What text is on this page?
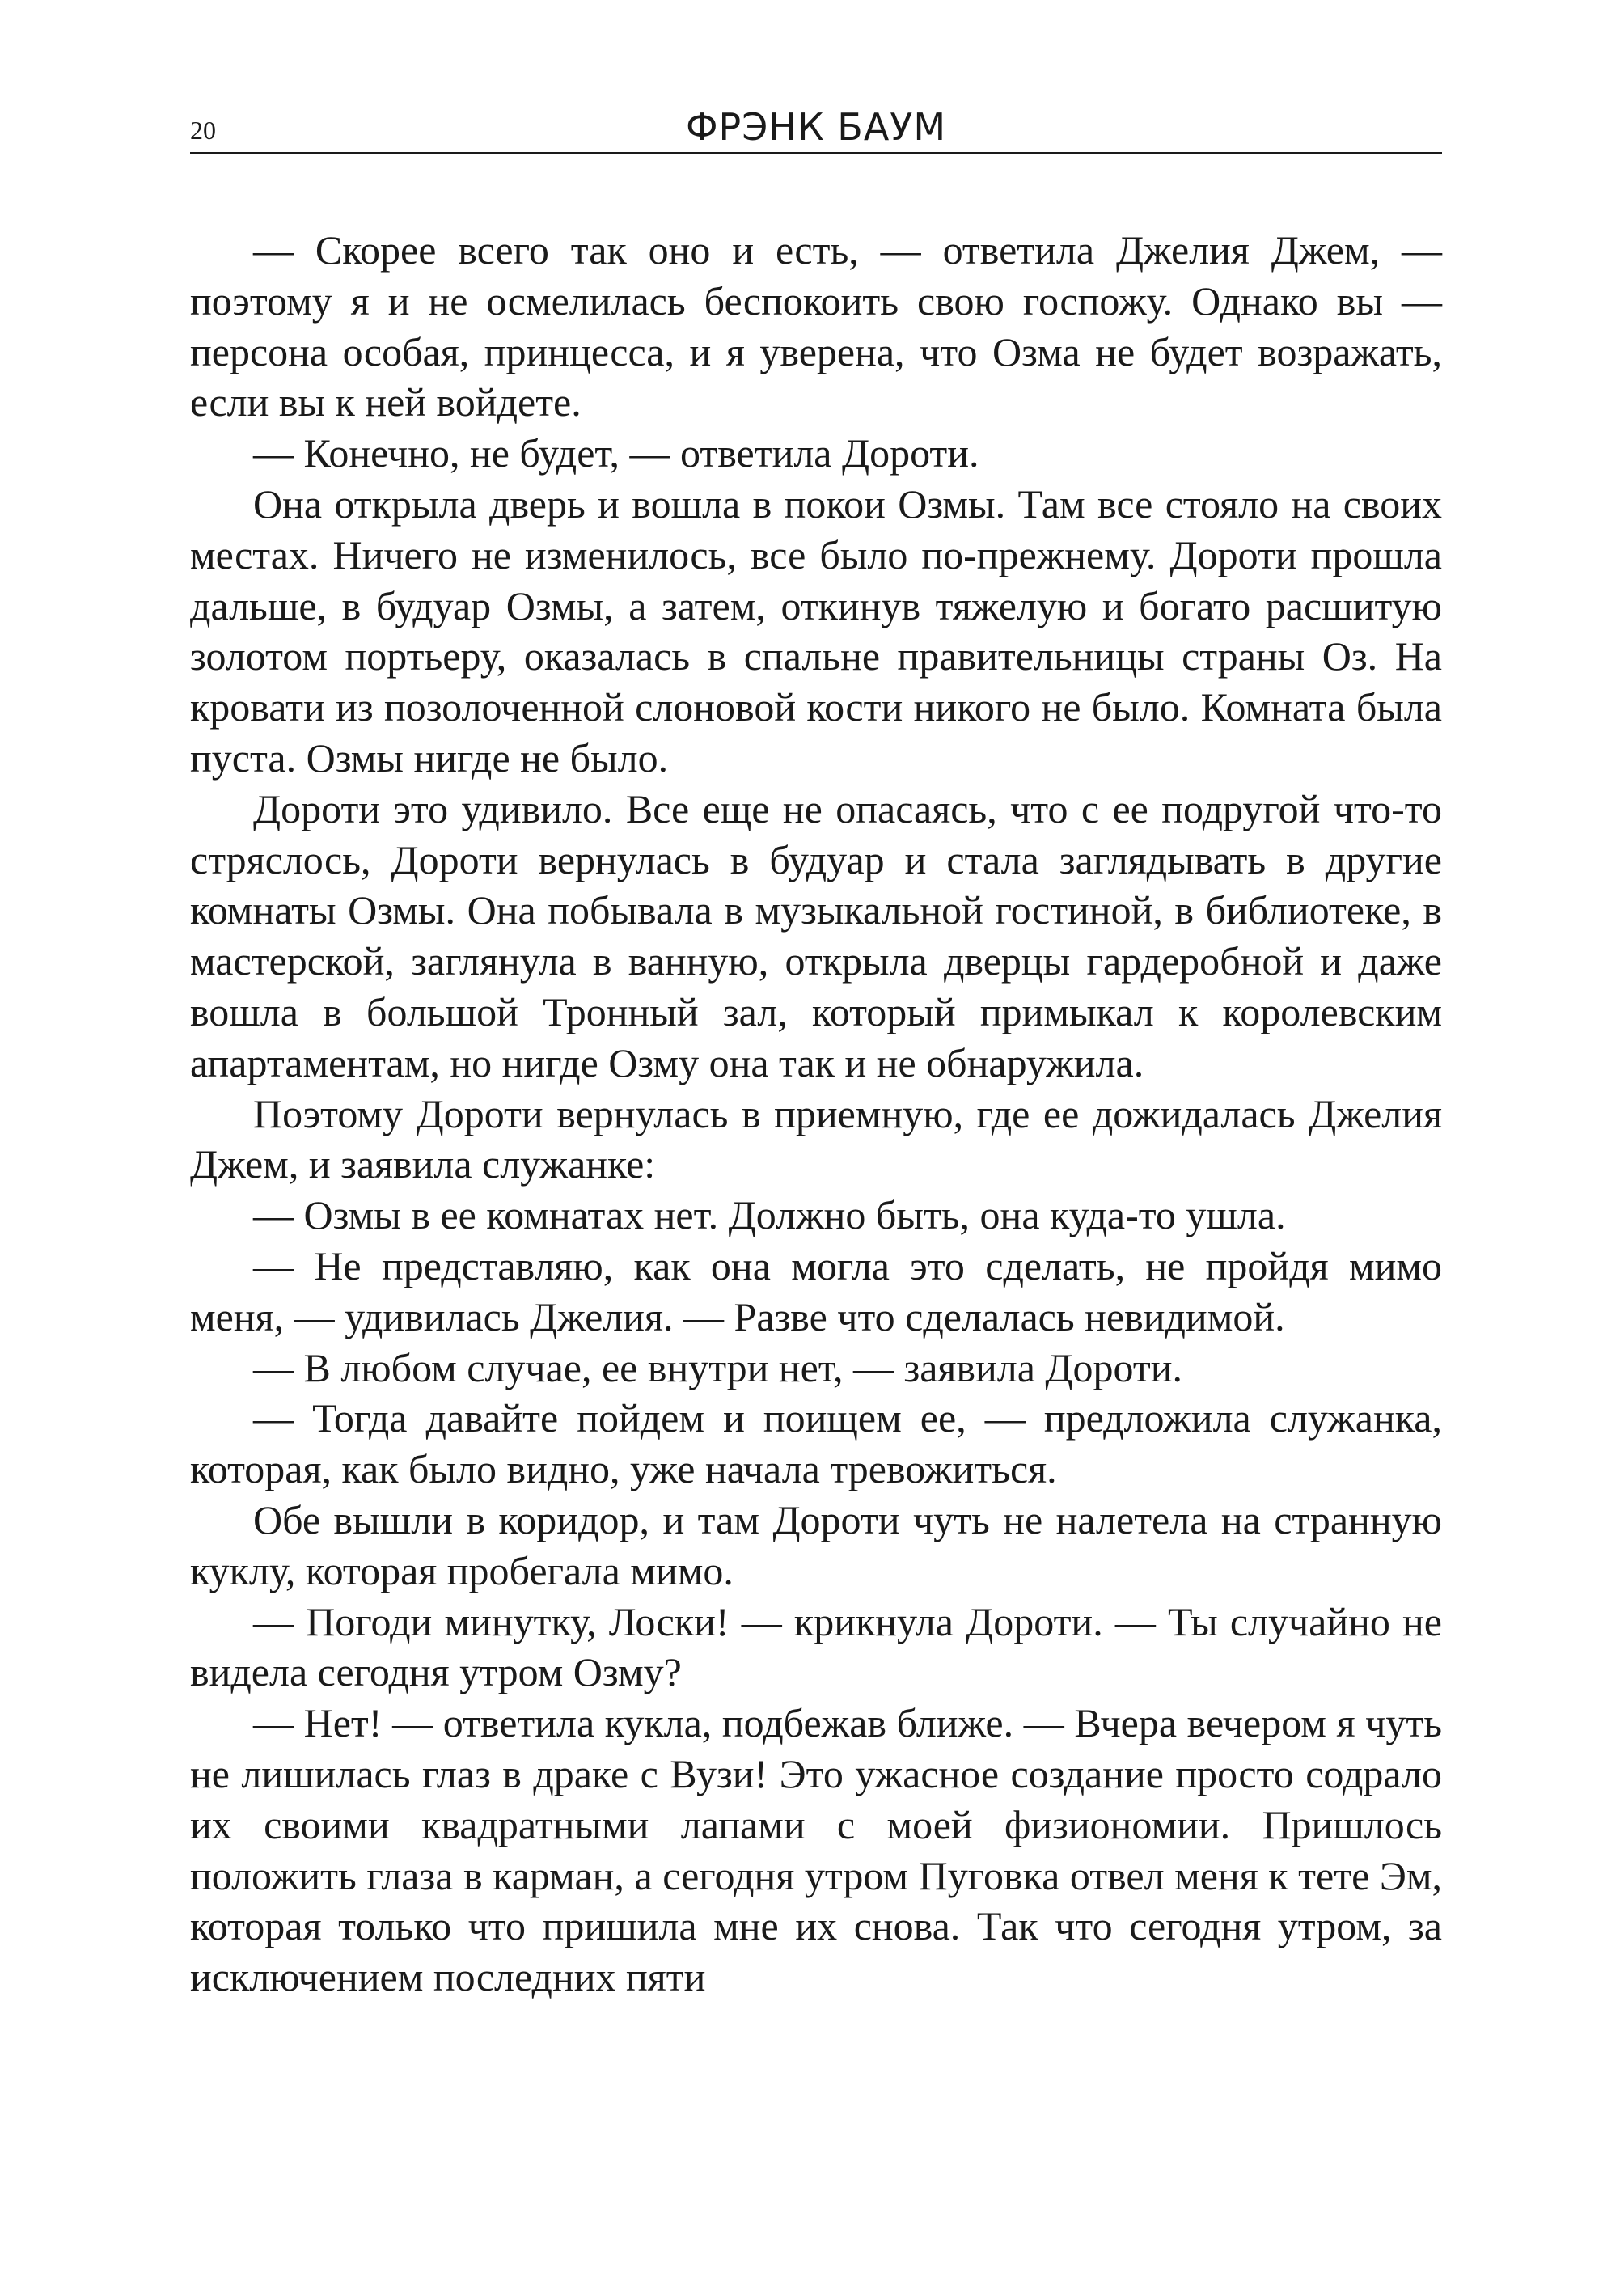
20	ФРЭНК БАУМ

— Скорее всего так оно и есть, — ответила Джелия Джем, — поэтому я и не осмелилась беспокоить свою госпожу. Однако вы — персона особая, принцесса, и я уверена, что Озма не будет возражать, если вы к ней войдете.

— Конечно, не будет, — ответила Дороти.

Она открыла дверь и вошла в покои Озмы. Там все стояло на своих местах. Ничего не изменилось, все было по-прежнему. Дороти прошла дальше, в будуар Озмы, а затем, откинув тяжелую и богато расшитую золотом портьеру, оказалась в спальне правительницы страны Оз. На кровати из позолоченной слоновой кости никого не было. Комната была пуста. Озмы нигде не было.

Дороти это удивило. Все еще не опасаясь, что с ее подругой что-то стряслось, Дороти вернулась в будуар и стала заглядывать в другие комнаты Озмы. Она побывала в музыкальной гостиной, в библиотеке, в мастерской, заглянула в ванную, открыла дверцы гардеробной и даже вошла в большой Тронный зал, который примыкал к королевским апартаментам, но нигде Озму она так и не обнаружила.

Поэтому Дороти вернулась в приемную, где ее дожидалась Джелия Джем, и заявила служанке:

— Озмы в ее комнатах нет. Должно быть, она куда-то ушла.

— Не представляю, как она могла это сделать, не пройдя мимо меня, — удивилась Джелия. — Разве что сделалась невидимой.

— В любом случае, ее внутри нет, — заявила Дороти.

— Тогда давайте пойдем и поищем ее, — предложила служанка, которая, как было видно, уже начала тревожиться.

Обе вышли в коридор, и там Дороти чуть не налетела на странную куклу, которая пробегала мимо.

— Погоди минутку, Лоски! — крикнула Дороти. — Ты случайно не видела сегодня утром Озму?

— Нет! — ответила кукла, подбежав ближе. — Вчера вечером я чуть не лишилась глаз в драке с Вузи! Это ужасное создание просто содрало их своими квадратными лапами с моей физиономии. Пришлось положить глаза в карман, а сегодня утром Пуговка отвел меня к тете Эм, которая только что пришила мне их снова. Так что сегодня утром, за исключением последних пяти
